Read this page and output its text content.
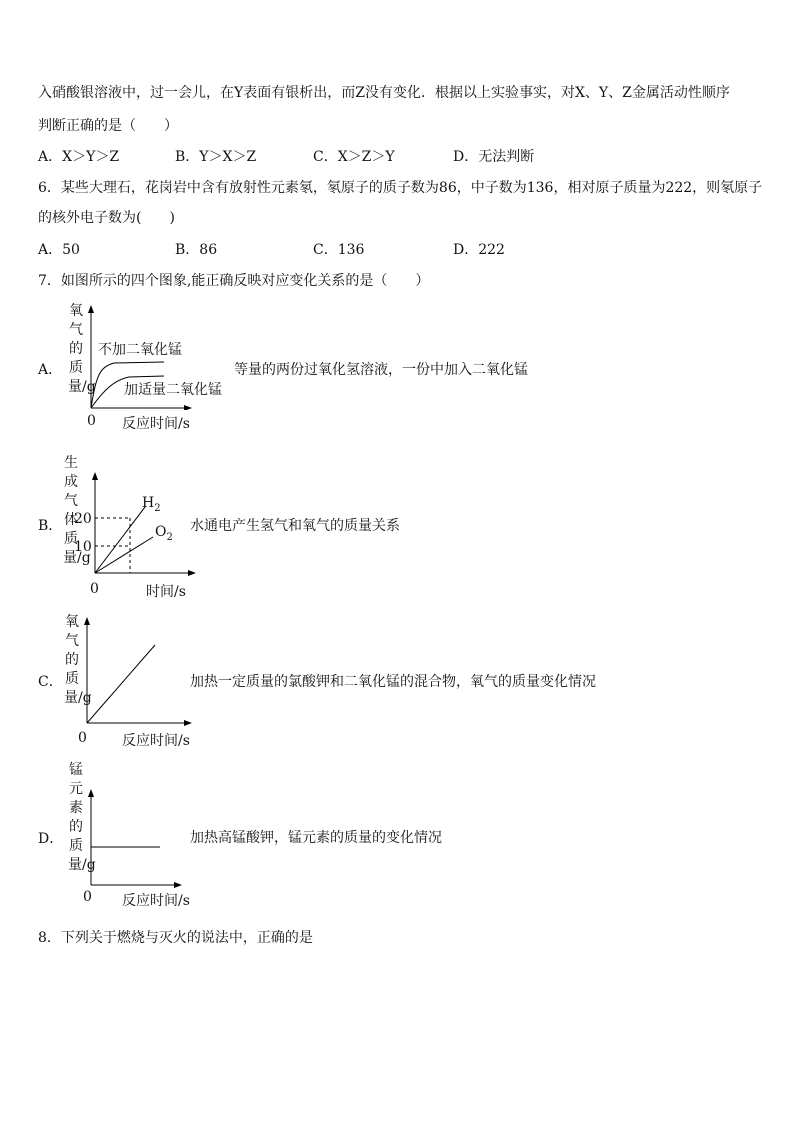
入硝酸银溶液中，过一会儿，在Y表面有银析出，而Z没有变化．根据以上实验事实，对X、Y、Z金属活动性顺序
判断正确的是（　　）
A．X＞Y＞Z	B．Y＞X＞Z	C．X＞Z＞Y	D．无法判断
6．某些大理石，花岗岩中含有放射性元素氡，氡原子的质子数为86，中子数为136，相对原子质量为222，则氡原子
的核外电子数为(　　)
A．50	B．86	C．136	D．222
7．如图所示的四个图象,能正确反映对应变化关系的是（　　）
A．
氧气的质量/g
不加二氧化锰
加适量二氧化锰
0 反应时间/s
等量的两份过氧化氢溶液，一份中加入二氧化锰
B．
生成气体质量/g
20
10
$H_2$
$O_2$
0	时间/s
水通电产生氢气和氧气的质量关系
C．
氧气的质量/g
0	反应时间/s
加热一定质量的氯酸钾和二氧化锰的混合物，氧气的质量变化情况
D．
锰元素的质量/g
0 反应时间/s
加热高锰酸钾，锰元素的质量的变化情况
8．下列关于燃烧与灭火的说法中，正确的是
